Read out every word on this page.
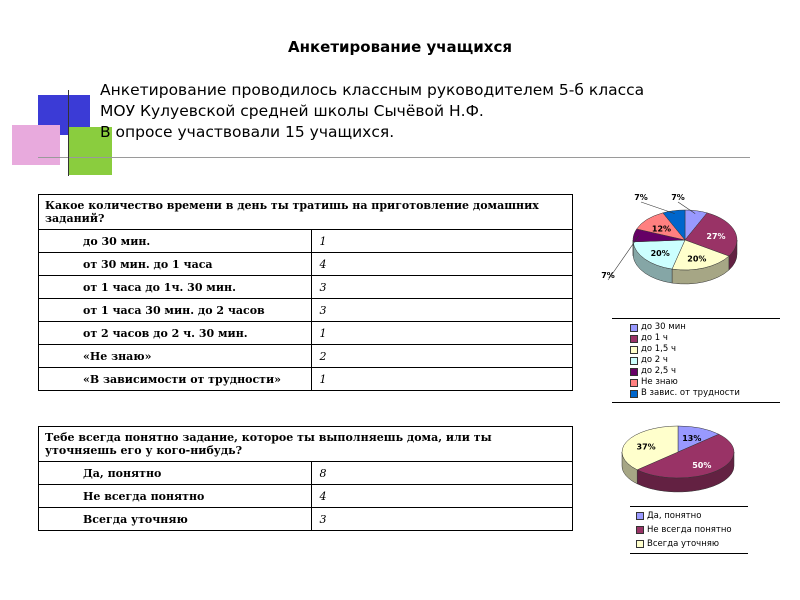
Анкетирование учащихся
Анкетирование проводилось классным руководителем 5-б класса
МОУ Кулуевской средней школы Сычёвой Н.Ф.
В опросе участвовали 15 учащихся.
Какое количество времени в день ты тратишь на приготовление домашних заданий?	
до 30 мин.	1
от 30 мин. до 1 часа	4
от 1 часа до 1ч. 30 мин.	3
от 1 часа 30 мин. до 2 часов	3
от 2 часов до 2 ч. 30 мин.	1
«Не знаю»	2
«В зависимости от трудности»	1
Тебе всегда понятно задание, которое ты выполняешь дома, или ты уточняешь его у кого-нибудь?	
Да, понятно	8
Не всегда понятно	4
Всегда уточняю	3
7%
27%
20%
20%
7%
12%
7%
до 30 мин
до 1 ч
до 1,5 ч
до 2 ч
до 2,5 ч
Не знаю
В завис. от трудности
13%
50%
37%
Да, понятно
Не всегда понятно
Всегда уточняю
